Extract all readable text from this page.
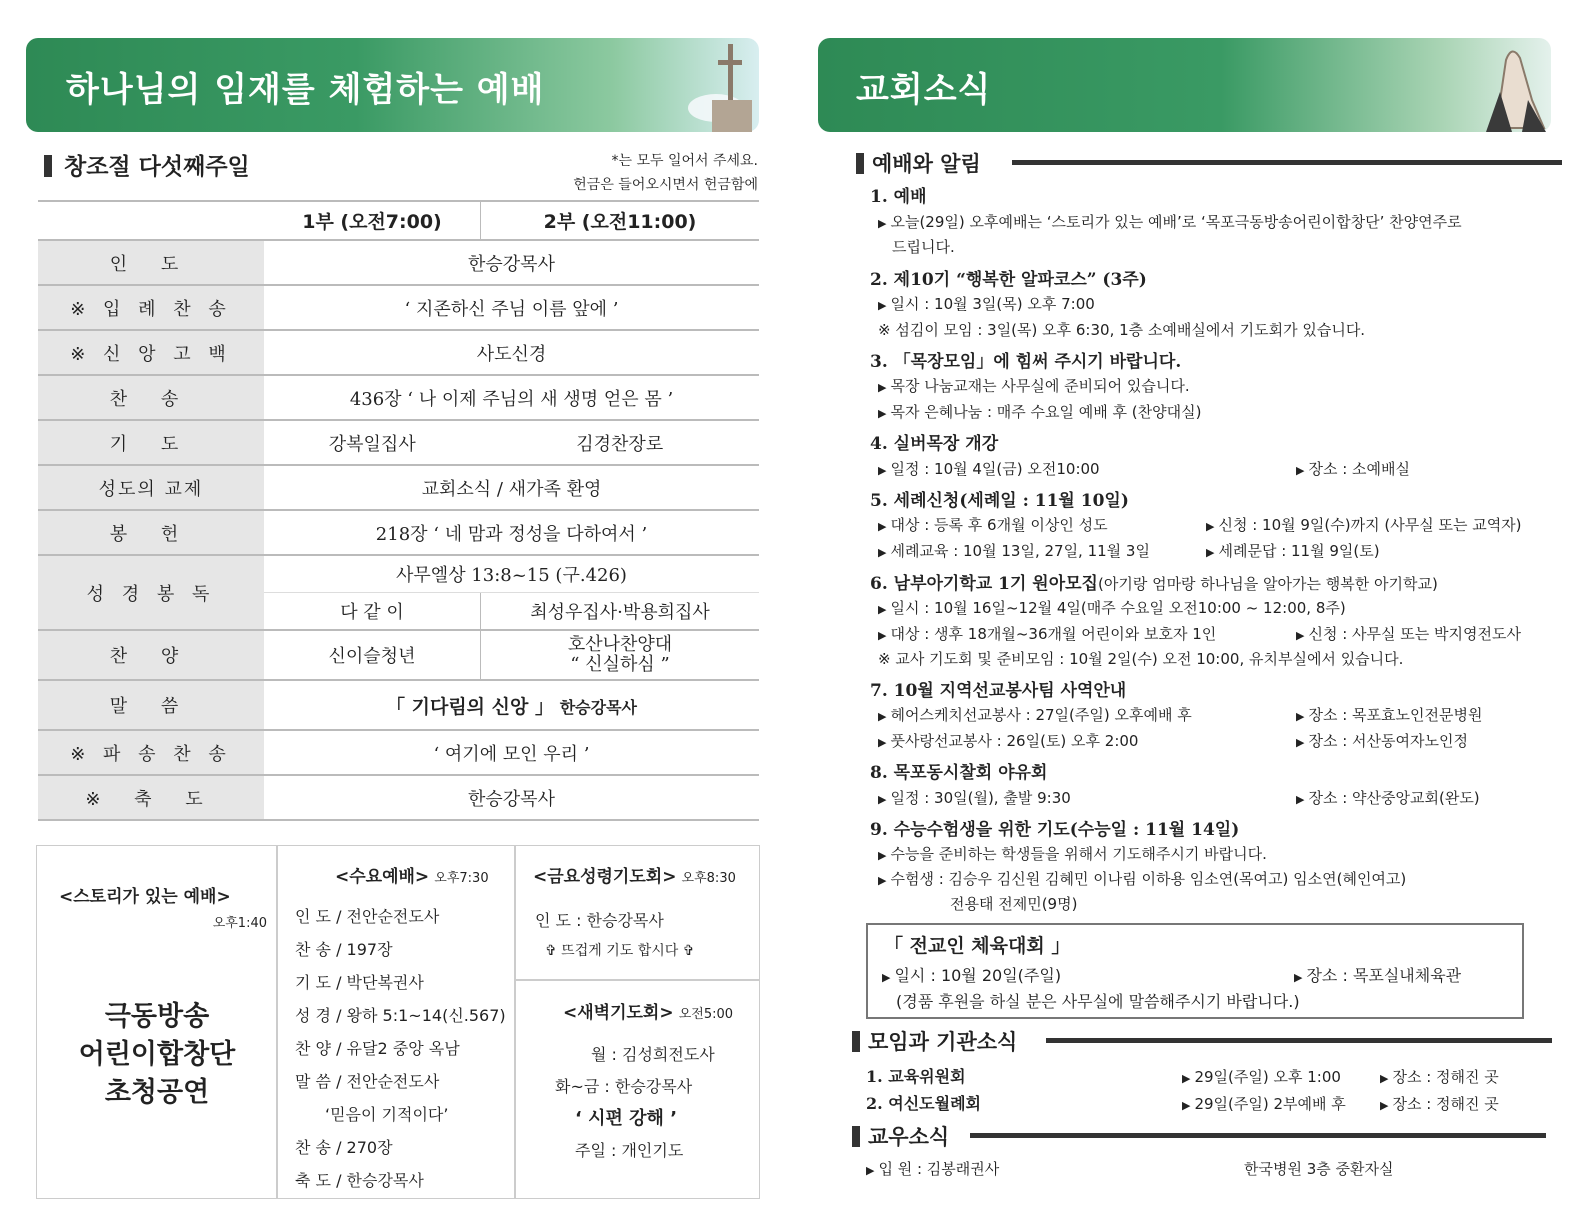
하나님의 임재를 체험하는 예배
창조절 다섯째주일	*는 모두 일어서 주세요.
헌금은 들어오시면서 헌금함에
	1부 (오전7:00)	2부 (오전11:00)
인 도	한승강목사	
※ 입 례 찬 송	‘ 지존하신 주님 이름 앞에 ’	
※ 신 앙 고 백	사도신경	
찬 송	436장 ‘ 나 이제 주님의 새 생명 얻은 몸 ’	
기 도	강복일집사	김경찬장로
성도의 교제	교회소식 / 새가족 환영	
봉 헌	218장 ‘ 네 맘과 정성을 다하여서 ’	
성 경 봉 독	사무엘상 13:8~15 (구.426)	
	다 같 이	최성우집사·박용희집사
찬 양	신이슬청년	호산나찬양대
“ 신실하심 ”

말 씀	「 기다림의 신앙 」 한승강목사	
※ 파 송 찬 송	‘ 여기에 모인 우리 ’	
※ 축 도	한승강목사	
<스토리가 있는 예배>
오후1:40
극동방송
어린이합창단
초청공연
<수요예배> 오후7:30
인 도 / 전안순전도사
찬 송 / 197장
기 도 / 박단복권사
성 경 / 왕하 5:1~14(신.567)
찬 양 / 유달2 중앙 옥남
말 씀 / 전안순전도사
‘믿음이 기적이다’
찬 송 / 270장
축 도 / 한승강목사
<금요성령기도회> 오후8:30
인 도 : 한승강목사
✞ 뜨겁게 기도 합시다 ✞
<새벽기도회> 오전5:00
월 : 김성희전도사
화~금 : 한승강목사
‘ 시편 강해 ’
주일 : 개인기도
교회소식
예배와 알림
1. 예배
▶ 오늘(29일) 오후예배는 ‘스토리가 있는 예배’로 ‘목포극동방송어린이합창단’ 찬양연주로
드립니다.
2. 제10기 “행복한 알파코스” (3주)
▶ 일시 : 10월 3일(목) 오후 7:00
※ 섬김이 모임 : 3일(목) 오후 6:30, 1층 소예배실에서 기도회가 있습니다.
3. 「목장모임」에 힘써 주시기 바랍니다.
▶ 목장 나눔교재는 사무실에 준비되어 있습니다.
▶ 목자 은혜나눔 : 매주 수요일 예배 후 (찬양대실)
4. 실버목장 개강
▶ 일정 : 10월 4일(금) 오전10:00	▶ 장소 : 소예배실
5. 세례신청(세례일 : 11월 10일)
▶ 대상 : 등록 후 6개월 이상인 성도	▶ 신청 : 10월 9일(수)까지 (사무실 또는 교역자)
▶ 세례교육 : 10월 13일, 27일, 11월 3일	▶ 세례문답 : 11월 9일(토)
6. 남부아기학교 1기 원아모집(아기랑 엄마랑 하나님을 알아가는 행복한 아기학교)
▶ 일시 : 10월 16일~12월 4일(매주 수요일 오전10:00 ~ 12:00, 8주)
▶ 대상 : 생후 18개월~36개월 어린이와 보호자 1인	▶ 신청 : 사무실 또는 박지영전도사
※ 교사 기도회 및 준비모임 : 10월 2일(수) 오전 10:00, 유치부실에서 있습니다.
7. 10월 지역선교봉사팀 사역안내
▶ 헤어스케치선교봉사 : 27일(주일) 오후예배 후	▶ 장소 : 목포효노인전문병원
▶ 풋사랑선교봉사 : 26일(토) 오후 2:00	▶ 장소 : 서산동여자노인정
8. 목포동시찰회 야유회
▶ 일정 : 30일(월), 출발 9:30	▶ 장소 : 약산중앙교회(완도)
9. 수능수험생을 위한 기도(수능일 : 11월 14일)
▶ 수능을 준비하는 학생들을 위해서 기도해주시기 바랍니다.
▶ 수험생 : 김승우 김신원 김혜민 이나림 이하용 임소연(목여고) 임소연(혜인여고)
전용태 전제민(9명)
「 전교인 체육대회 」
▶ 일시 : 10월 20일(주일)	▶ 장소 : 목포실내체육관
(경품 후원을 하실 분은 사무실에 말씀해주시기 바랍니다.)
모임과 기관소식
1. 교육위원회	▶ 29일(주일) 오후 1:00	▶ 장소 : 정해진 곳
2. 여신도월례회	▶ 29일(주일) 2부예배 후	▶ 장소 : 정해진 곳
교우소식
▶ 입 원 : 김봉래권사	한국병원 3층 중환자실
